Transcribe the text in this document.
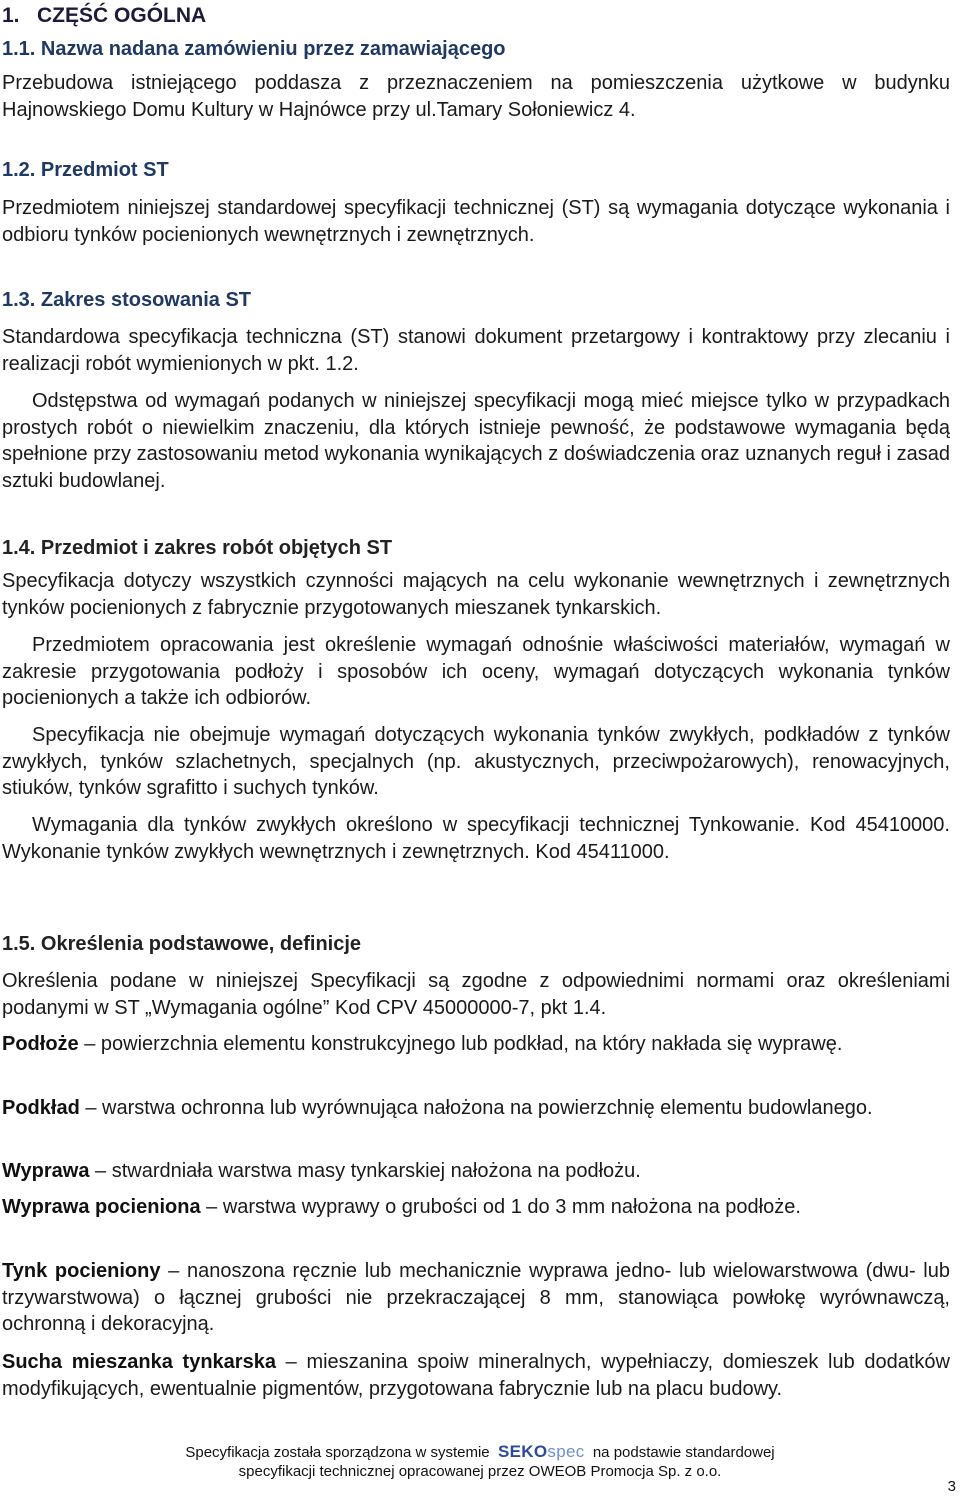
1.   CZĘŚĆ OGÓLNA
1.1. Nazwa nadana zamówieniu przez zamawiającego
Przebudowa istniejącego poddasza z przeznaczeniem na pomieszczenia użytkowe w budynku Hajnowskiego Domu Kultury w Hajnówce przy ul.Tamary Sołoniewicz 4.
1.2. Przedmiot ST
Przedmiotem niniejszej standardowej specyfikacji technicznej (ST) są wymagania dotyczące wykonania i odbioru tynków pocienionych wewnętrznych i zewnętrznych.
1.3. Zakres stosowania ST
Standardowa specyfikacja techniczna (ST) stanowi dokument przetargowy i kontraktowy przy zlecaniu i realizacji robót wymienionych w pkt. 1.2.
Odstępstwa od wymagań podanych w niniejszej specyfikacji mogą mieć miejsce tylko w przypadkach prostych robót o niewielkim znaczeniu, dla których istnieje pewność, że podstawowe wymagania będą spełnione przy zastosowaniu metod wykonania wynikających z doświadczenia oraz uznanych reguł i zasad sztuki budowlanej.
1.4. Przedmiot i zakres robót objętych ST
Specyfikacja dotyczy wszystkich czynności mających na celu wykonanie wewnętrznych i zewnętrznych tynków pocienionych z fabrycznie przygotowanych mieszanek tynkarskich.
Przedmiotem opracowania jest określenie wymagań odnośnie właściwości materiałów, wymagań w zakresie przygotowania podłoży i sposobów ich oceny, wymagań dotyczących wykonania tynków pocienionych a także ich odbiorów.
Specyfikacja nie obejmuje wymagań dotyczących wykonania tynków zwykłych, podkładów z tynków zwykłych, tynków szlachetnych, specjalnych (np. akustycznych, przeciwpożarowych), renowacyjnych, stiuków, tynków sgrafitto i suchych tynków.
Wymagania dla tynków zwykłych określono w specyfikacji technicznej Tynkowanie. Kod 45410000. Wykonanie tynków zwykłych wewnętrznych i zewnętrznych. Kod 45411000.
1.5. Określenia podstawowe, definicje
Określenia podane w niniejszej Specyfikacji są zgodne z odpowiednimi normami oraz określeniami podanymi w ST „Wymagania ogólne” Kod CPV 45000000-7, pkt 1.4.
Podłoże – powierzchnia elementu konstrukcyjnego lub podkład, na który nakłada się wyprawę.
Podkład – warstwa ochronna lub wyrównująca nałożona na powierzchnię elementu budowlanego.
Wyprawa – stwardniała warstwa masy tynkarskiej nałożona na podłożu.
Wyprawa pocieniona – warstwa wyprawy o grubości od 1 do 3 mm nałożona na podłoże.
Tynk pocieniony – nanoszona ręcznie lub mechanicznie wyprawa jedno- lub wielowarstwowa (dwu- lub trzywarstwowa) o łącznej grubości nie przekraczającej 8 mm, stanowiąca powłokę wyrównawczą, ochronną i dekoracyjną.
Sucha mieszanka tynkarska – mieszanina spoiw mineralnych, wypełniaczy, domieszek lub dodatków modyfikujących, ewentualnie pigmentów, przygotowana fabrycznie lub na placu budowy.
Specyfikacja została sporządzona w systemie SEKOspec na podstawie standardowej
specyfikacji technicznej opracowanej przez OWEOB Promocja Sp. z o.o.
3
